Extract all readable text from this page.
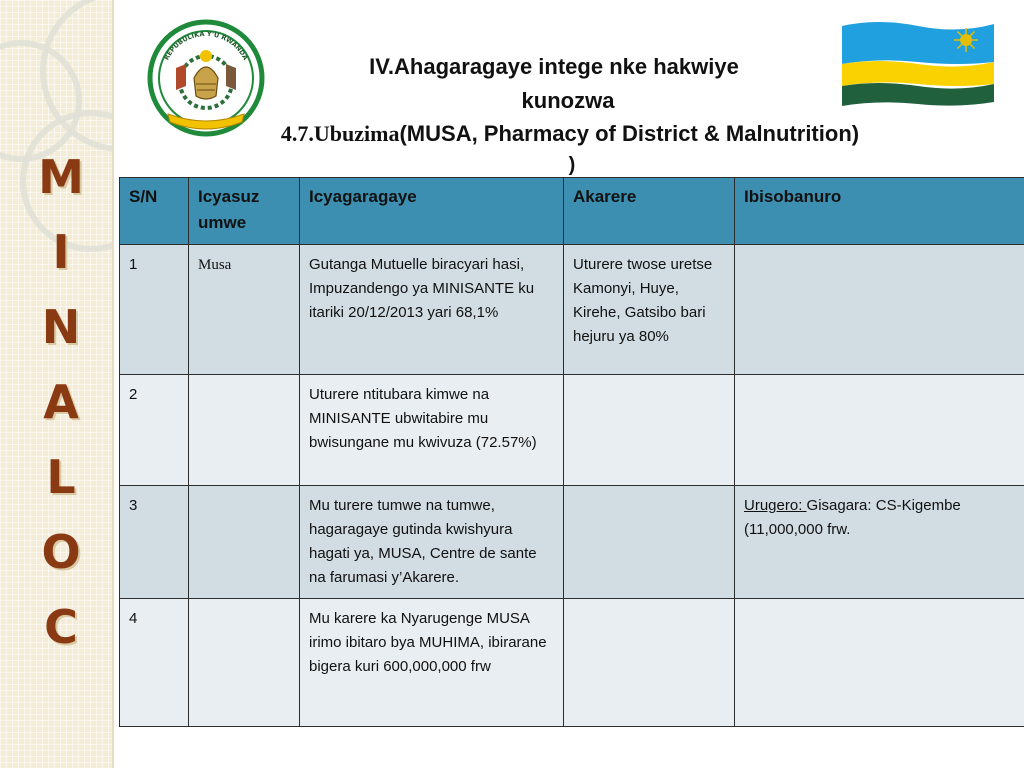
M
I
N
A
L
O
C
REPUBULIKA Y'U RWANDA	IV.Ahagaragaye intege nke hakwiye
kunozwa
4.7.Ubuzima(MUSA, Pharmacy of District & Malnutrition)
)
S/N	Icyasuz umwe	Icyagaragaye	Akarere	Ibisobanuro
1	Musa	Gutanga Mutuelle biracyari hasi, Impuzandengo ya MINISANTE ku itariki 20/12/2013 yari 68,1%	Uturere twose uretse Kamonyi, Huye, Kirehe, Gatsibo bari hejuru ya 80%	
2		Uturere ntitubara kimwe na MINISANTE ubwitabire mu bwisungane mu kwivuza (72.57%)		
3		Mu turere tumwe na tumwe, hagaragaye gutinda kwishyura hagati ya, MUSA, Centre de sante na farumasi y’Akarere.		Urugero: Gisagara: CS-Kigembe (11,000,000 frw.
4		Mu karere ka Nyarugenge MUSA irimo ibitaro bya MUHIMA, ibirarane bigera kuri 600,000,000 frw		
